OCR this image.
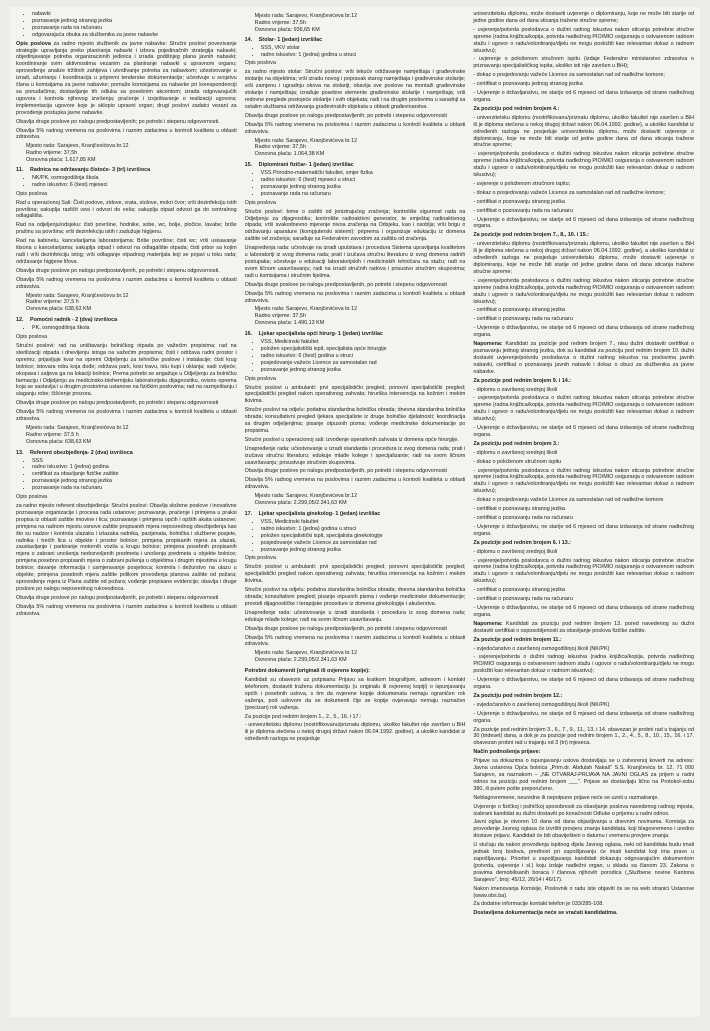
• nabavki
• poznavanje jednog stranog jezika
• poznavanje rada na računaru
• odgovarajuća obuka za službenika za javne nabavke

Opis poslova za radno mjesto službenik za javne nabavke: Stručni poslovi povezivanje strategije upravljanja preko planiranja nabavki i izbora pojedinačnih strategija nabavki; objedinjavanje potreba organizacionih jedinica i izrada godišnjeg plana javnih nabavki; koordiniranje svim aktivnostima vezanim za planiranje nabavki u upravnom organu; sprovođenje analize tržišnih zahtjeva i utvrđivanje potreba za nabavkom; učestvovanje u izradi, ažuriranju i koordinacija u pripremi tenderske dokumentacije; učestvuje u svojstvu člana u komisijama za javne nabavke; pomaže komisijama za nabavke pri korespondenciji sa ponuđačima; dostavljanje tih odluka sa posebnim akcentom; izrada odgovarajućih ugovora i kontrola njihovog izvršenja; praćenje i izvještavanje o realizaciji ugovora; implementacija ugovore koje je sklopio upravni organ; drugi poslovi zadatci vezani za provođenje postupka javne nabavke.

Obavlja druge poslove po nalogu predpostavljenih; po potrebi i stepenu odgovornosti.

Obavlja 5% radnog vremena na poslovima i raznim zadacima u kontroli kvaliteta u oblasti zdravstva.

Mjesto rada: Sarajevo, Kranjčevićeva br.12
Radno vrijeme: 37,5h
Osnovna plaća: 1.617,85 KM
11. Radnica na održavanju čistoće- 3 (tri) izvršioca
• NK/PK, osmogodišnja škola
• radno iskustvo: 6 (šest) mjeseci

Opis poslova

Rad u operacionoj Sali: Čisti podove, zidove, vrata, stolove, mokri čvor; vrši dezinfekciju istih površina; sakuplja različit vesi i odvozi do veša; sakuplja otpad odvozi ga do centralnog odlagališta.

Rad na odjeljenju/odsjeku: čisti površine, hodnike, sobe, wc, bolje, pločice, lavabe; briše prašinu sa površina; vrši dezinfekciju istih i zadužuje higijenu.

Rad na kabinetu, kancelarijama laboratorijama: Briše površine; čisti wc; vrši usisavanje itisona u kancelarijama; sakuplja otpad i odvozi na odlagalište otpada; čisti prbor sa kojim radi i vrši dezinfekciju istog; vrši odlaganje otpadnog materijala koji se pojavi u toku rada; održavanje higijene lifova.

Obavlja druge poslove po nalogu predpostavljenih, po potrebi i stepenu odgovornosti.

Obavlja 5% radnog vremena na poslovima i raznim zadacima u kontroli kvaliteta u oblasti zdravstva.

Mjesto rada: Sarajevo, Kranjčevićeva br.12
Radno vrijeme: 37,5 h
Osnovna plaća: 638,63 KM
12. Pomoćni radnik - 2 (dva) izvršioca
• PK, osmogodišnja škola

Opis poslova

Stručni poslovi: rad na uništavanju bolničkog otpada po važećim propisima; rad na sterilizaciji otpada i dnevljenju istoga na važećim propisima; čisti i održava radni prostor i opremu; prijavljuje kvar na opremi Odjeljenju za tehničke poslove i instalacije; čisti krug bolnice; istovara robu koja dođe; održava park, kosi travu, istu kupi i uklanja; sadi cvijeće, okopava i zaljeva ga na lokaciji bolnice; Prema potrebi se angažuje u Odjeljenju za bolničku farmaciju i Odjeljenju za medicinsko-biohemijsku laboratorijsku dijagnostiku, ovisno oprema koja se sastavlja i u drugim prostorima ustanove na fizičkim poslovima; rad na razmještanju i slaganju robe; čišćenje prozora.

Obavlja druge poslove po nalogu predpostavljenih, po potrebi i stepenu odgovornosti

Obavlja 5% radnog vremena na poslovima i raznim zadacima u kontroli kvaliteta u oblasti zdravstva.

Mjesto rada: Sarajevo, Kranjčevićeva br.12
Radno vrijeme: 37,5 h
Osnovna plaća: 638,63 KM
13. Referent obezbjeđenja- 2 (dva) izvršioca
• SSS
• radno iskustvo: 1 (jedna) godina
• certifikat za obavljanje fizičke zaštite
• poznavanje jednog stranog jezika
• poznavanje rada na računaru

Opis poslova

za radno mjesto referent obezbjeđenja: Stručni poslovi: Obavlja složene poslove i inovativne poznavanje organizacije i procesa rada ustanove; poznavanje, praćenje i primjena u praksi propisa iz oblasti zaštite imovine i lica; poznavanje i primjena općih i opštih akata ustanove; primjena na radnom mjestu osnove zaštite propisanih mjera neposrednog obezbjeđenja kao što su nadzor i kontrola ulazaka i izlazaka radnika, pacijenata, bolnička i službene posjete, radnika i trećih lica u objekte i prostor bolnice; primjena propisanih mjera za ulazak, zaustavljanje i parkiranje motornih vozila u krugu bolnice; primjena posebnih propisanih mjera o zabrani unošenja nedozvoljenih predmeta i unošenja predmeta u objekte bolnice; primjena posebno propisanih mjera o zabrani pušenja u objektima i drugim mjestima u krugu bolnice; davanje informacija i usmjeravanje posjetioca; kontrola i dežurstvo na ulazu u objekte; primjena posebnih mjera zaštite prilikom provođenja planova zaštite od požara; sprovođenje mjera iz Plana zaštite od požara; vođenje propisane evidencije; obavlja i druge poslove po nalogu neposrednog rukovodioca.

Obavlja druge poslove po nalogu predpostavljenih, po potrebi i stepenu odgovornosti

Obavlja 5% radnog vremena na poslovima i raznim zadacima u kontroli kvaliteta u oblasti zdravstva.

Mjesto rada: Sarajevo, Kranjčevićeva br.12
Radno vrijeme: 37,5h
Osnovna plaća: 936,65 KM
14. Stolar- 1 (jedan) izvršilac
• SSS, VKV stolar
• radno iskustvo: 1 (jedna) godina u struci

Opis poslova

za radno mjesto stolar: Stručni poslovi: vrši tekuće održavanje namještaja i građevinske stolarije na objektima; vrši izradu novog i popravak starog namještaja i građevinske stolarije; vrši zamjenu i ugradnju okova na stolariji; obavlja sve poslove na montaži građevinske stolarije i namještaja; izrađuje posebne elemente građevinske stolarije i namještaja; vrši redovne preglede postojeće stolarije i svih objekata; radi i na drugim poslovima u saradnji sa ostalim službama održavanja građevinskih objekata u oblasti građevinarstva.

Obavlja druge poslove po nalogu predpostavljenih; po potrebi i stepenu odgovornosti

Obavlja 5% radnog vremena na poslovima i raznim zadacima u kontroli kvaliteta u oblasti zdravstva.

Mjesto rada: Sarajevo, Kranjčevićeva br.12
Radno vrijeme: 37,5h
Osnovna plaća: 1.064,38 KM
15. Diplomirani fizičar- 1 (jedan) izvršilac
• VSS Prirodno-matematički fakultet, smjer fizika
• radno iskustvo: 6 (šest) mjeseci u struci
• poznavanje jednog stranog jezika
• poznavanje rada na računaru

Opis poslova

Stručni poslovi: brine o zaštiti od jonizirajućeg zračenja; kontroliše sigurnost rada na Odjeljenju za dijagnostiku; kontroliše radioaktivni generator, te smještaj radioaktivnog otpada; vrši svakodnevno mjerenje nivoa zračenja na Odsjeku, kao i osoblja; vrši brigu o održavanju aparature (kompjuterski sistemi): priprema i organizuje edukaciju iz domena zaštite od zračenja; sarađuje sa Federalnim zavodom za zaštitu od zračenja.

Unapređenja rada: učestvuje na izradi uputstava i procedura Sistema upravljanja kvalitetom u laboratoriji iz svog domena rada; prati i izučava stručnu literaturu iz svog domena radnih postupaka; učestvuje u edukaciji laboratorijskih i medicinskih tehničara na stažu; radi na svom ličnom usavršavanju; radi na izradi stručnih radova i prisustvo stručnim skupovima; radi u komisijama i stručnim tijelima.

Obavlja druge poslove po nalogu predpostavljenih, po potrebi i stepenu odgovornosti

Obavlja 5% radnog vremena na poslovima i raznim zadacima u kontroli kvaliteta u oblasti zdravstva.

Mjesto rada: Sarajevo, Kranjčevićeva br.12
Radno vrijeme: 37,5h
Osnovna plaća: 1.490,13 KM
16. Ljekar specijalista opći hirurg- 1 (jedan) izvršilac
• VSS, Medicinski fakultet
• položen specijalistički ispit, specijalista opće hirurgije
• radno iskustvo: 6 (šest) godina u struci
• posjedovanje važeće Licence za samostalan rad
• poznavanje jednog stranog jezika

Opis poslova

Stručni poslovi u ambulanti: prvi specijalistički pregled; ponovni specijalistički pregled; specijalistički pregled nakon operativnog zahvata; hirurška intervencija na kožnim i mekim tkivima.

Stručni poslovi na odjelu: podatna standardna bolnička obrada; dnevna standardna bolnička obrada; konsultativni pregled ljekara specijaliste iz druge bolničke djelatnosti; koordinacija sa drugim odjeljenjima; pisanje otpusnih pisma; vođenje medicinske dokumentacije po propisima.

Stručni poslovi u operacionoj sali: izvođenje operativnih zahvata iz domena opće hirurgije.

Unapređenje rada: učestvovanje u izradi standarda i procedura iz svog domena rada; prati i izučava stručnu literaturu; edukuje mlađe kolege i specijalizante; radi na svom ličnom usavršavanju; prisustvuje stručnim skupovima.

Obavlja druge poslove po nalogu predpostavljenih, po potrebi i stepenu odgovornosti

Obavlja 5% radnog vremena na poslovima i raznim zadacima u kontroli kvaliteta u oblasti zdravstva.

Mjesto rada: Sarajevo, Kranjčevićeva br.12
Osnovna plaća: 2.299,05/2.341,63 KM
17. Ljekar specijalista ginekolog- 1 (jedan) izvršilac
• VSS, Medicinski fakultet
• radno iskustvo: 1 (jedna) godina u struci
• položen specijalistički ispit, specijalista ginekologije
• posjedovanje važeće Licence za samostalan rad
• poznavanje jednog stranog jezika

Opis poslova

Stručni poslovi u ambulanti: prvi specijalistički pregled; ponovni specijalistički pregled; specijalistički pregled nakon operativnog zahvata; hirurška intervencija na kožnim i mekim tkivima.

Stručni poslovi na odjelu: podatna standardna bolnička obrada; dnevna standardna bolnička obrada; konsultativni pregled; pisanje otpusnih pisma i vođenje medicinske dokumentacije; provodi dijagnostičke i terapijske procedure iz domena ginekologije i akušerstva.

Unapređenje rada: učestvovanje u izradi standarda i procedura iz svog domena rada; edukuje mlađe kolege; radi na svom ličnom usavršavanju.

Obavlja druge poslove po nalogu predpostavljenih, po potrebi i stepenu odgovornosti

Obavlja 5% radnog vremena na poslovima i raznim zadacima u kontroli kvaliteta u oblasti zdravstva.

Mjesto rada: Sarajevo, Kranjčevićeva br.12
Osnovna plaća: 2.299,05/2.341,63 KM

Potrebni dokumenti (originali ili ovjerene kopije):

Kandidati su obavezni uz potpisanu Prijavu sa kratkom biografijom, adresom i kontakt telefonom, dostaviti traženu dokumentaciju (u originalu ili ovjerenoj kopiji) o ispunjavanju općih i posebnih uslova, s tim da ovjerene kopije dokumenata nemaju ograničen rok važenja, pod uslovom da se dokumenti čije se kopije ovjeravaju nemaju naznačen (precizan) rok važenja.

Za pozicije pod rednim brojem 1., 2., 5., 16. i 17.:

- univerzitetsku diplomu (nostrifikovanu/priznatu diplomu, ukoliko fakultet nije završen u BiH ili je diploma stečena u nekoj drugoj državi nakon 06.04.1992. godine), a ukoliko kandidat iz određenih razloga ne posjeduje

univerzitetsku diplomu, može dostaviti uvjerenje o diplomiranju, koje ne može biti starije od jedne godine dana od dana sticanja tražene stručne spreme;

- uvjerenje/potvrda poslodavca o dužini radnog iskustva nakon sticanja potrebne stručne spreme (radna knjižica/kopija, potvrda nadležnog PIO/MIO osiguranja o ostvarenom radnom stažu i ugovor o radu/volontiranju/djelu ne mogu posložiti kao relevantan dokaz o radnom iskustvu);

- uvjerenje o položenom stručnom ispitu (izdaje Federalno ministarstvo zdravstva o priznavanju specijalističkog ispita, ukoliko isti nije završen u BiH);

- dokaz o posjedovanju važeće Licence za samostalan rad od nadležne komore;

- certifikat o poznavanju jednog stranog jezika

- Uvjerenje o državljanstvu, ne starije od 6 mjeseci od dana izdavanja od strane nadležnog organa.

Za poziciju pod rednim brojem 4.:

- univerzitetsku diplomu (nostrifikovanu/priznatu diplomu, ukoliko fakultet nije završen u BiH ili je diploma stečena u nekoj drugoj državi nakon 06.04.1992. godine), a ukoliko kandidat iz određenih razloga ne posjeduje univerzitetsku diplomu, može dostaviti uvjerenje o diplomiranju, koje ne može biti starije od jedne godine dana od dana sticanja tražene stručne spreme;

- uvjerenje/potvrda poslodavca o dužini radnog iskustva nakon sticanja potrebne stručne spreme (radna knjižica/kopija, potvrda nadležnog PIO/MIO osiguranja o ostvarenom radnom stažu i ugovor o radu/volontiranju/djelu ne mogu posložiti kao relevantan dokaz o radnom iskustvu);

- uvjerenje o položenom stručnom ispitu;

- dokaz o posjedovanju važeće Licence za samostalan rad od nadležne komore;

- certifikat o poznavanju stranog jezika

- certifikat o poznavanju rada na računaru

- Uvjerenje o državljanstvu, ne starije od 6 mjeseci od dana izdavanja od strane nadležnog organa.

Za pozicije pod rednim brojem 7., 8., 10. i 15.:

- univerzitetsku diplomu (nostrifikovanu/priznatu diplomu, ukoliko fakultet nije završen u BiH ili je diploma stečena u nekoj drugoj državi nakon 06.04.1992. godine), a ukoliko kandidat iz određenih razloga ne posjeduje univerzitetsku diplomu, može dostaviti uvjerenje o diplomiranju, koje ne može biti starije od jedne godine dana od dana sticanja tražene stručne spreme;

- uvjerenje/potvrda poslodavca o dužini radnog iskustva nakon sticanja potrebne stručne spreme (radna knjižica/kopija, potvrda nadležnog PIO/MIO osiguranja o ostvarenom radnom stažu i ugovor o radu/volontiranju/djelu ne mogu posložiti kao relevantan dokaz o radnom iskustvu);

- certifikat o poznavanju stranog jezika

- certifikat o poznavanju rada na računaru

- Uvjerenje o državljanstvu, ne starije od 6 mjeseci od dana izdavanja od strane nadležnog organa.

Napomena: Kandidati za pozicije pod rednim brojem 7., nisu dužni dostaviti certifikat o poznavanju jednog stranog jezika, dok su kandidati za poziciju pod rednim brojem 10. dužni dostaviti uvjerenje/potvrdu poslodavca o dužini radnog iskustva na poslovima javnih nabavki, certifikat o poznavanju javnih nabavki i dokaz o obuci za službenika za javne nabavke.

Za pozicije pod rednim brojem 9. i 14.:

- diplomu o završenoj srednjoj školi

- uvjerenje/potvrda poslodavca o dužini radnog iskustva nakon sticanja potrebne stručne spreme (radna knjižica/kopija, potvrda nadležnog PIO/MIO osiguranja o ostvarenom radnom stažu i ugovor o radu/volontiranju/djelu ne mogu posložiti kao relevantan dokaz o radnom iskustvu);

- Uvjerenje o državljanstvu, ne starije od 6 mjeseci od dana izdavanja od strane nadležnog organa.

Za poziciju pod rednim brojem 3.:

- diplomu o završenoj srednjoj školi

- dokaz o položenom stručnom ispitu

- uvjerenje/potvrda poslodavca o dužini radnog iskustva nakon sticanja potrebne stručne spreme (radna knjižica/kopija, potvrda nadležnog PIO/MIO osiguranja o ostvarenom radnom stažu i ugovor o radu/volontiranju/djelu ne mogu posložiti kao relevantan dokaz o radnom iskustvu);

- dokaz o posjedovanju važeće Licence za samostalan rad od nadležne komore

- certifikat o poznavanju stranog jezika

- certifikat o poznavanju rada na računaru

- Uvjerenje o državljanstvu, ne starije od 6 mjeseci od dana izdavanja od strane nadležnog organa.

Za pozicije pod rednim brojem 6. i 13.:

- diplomu o završenoj srednjoj školi

- uvjerenje/potvrda poslodavca o dužini radnog iskustva nakon sticanja potrebne stručne spreme (radna knjižica/kopija, potvrda nadležnog PIO/MIO osiguranja o ostvarenom radnom stažu i ugovor o radu/volontiranju/djelu ne mogu posložiti kao relevantan dokaz o radnom iskustvu);

- certifikat o poznavanju stranog jezika

- certifikat o poznavanju rada na računaru

- Uvjerenje o državljanstvu, ne starije od 6 mjeseci od dana izdavanja od strane nadležnog organa.

Napomena: Kandidati za poziciju pod rednim brojem 13. pored navedenog su dužni dostaviti certifikat o osposobljenosti za obavljanje poslova fizičke zaštite.

Za pozicije pod rednim brojem 11.:

- svjedočanstvo o završenoj osmogodišnjoj školi (NK/PK)

- uvjerenje/potvrda o dužini radnog iskustva (radna knjižica/kopija, potvrda nadležnog PIO/MIO osiguranja o ostvarenom radnom stažu i ugovor o radu/volontiranju/djelu ne mogu posložiti kao relevantan dokaz o radnom iskustvu);

- Uvjerenje o državljanstvu, ne starije od 6 mjeseci od dana izdavanja od strane nadležnog organa.

Za poziciju pod rednim brojem 12.:

- svjedočanstvo o završenoj osmogodišnjoj školi (NK/PK)

- Uvjerenje o državljanstvu, ne starije od 6 mjeseci od dana izdavanja od strane nadležnog organa.

Za pozicije pod rednim brojem 3., 6., 7., 9., 11., 13. i 14. obavezan je probni rad u trajanju od 30 (trideset) dana, a dok je za pozicije pod rednim brojem 1., 2., 4., 5., 8., 10., 15., 16. i 17. obavezan probni rad u trajanju od 3 (tri) mjeseca.

Način podnošenja prijave:

Prijave sa dokazima o ispunjavanju uslova dostavljaju se u zatvorenoj koverti na adresu: Javna ustanova Opća bolnica „Prim.dr. Abdulah Nakaš" S.S. Kranjčevića br. 12, 71 000 Sarajevo, sa naznakom – „NE OTVARAJ-PRIJAVA NA JAVNI OGLAS za prijem u radni odnos na poziciju pod rednim brojem ___". Prijave se dostavljaju lično na Protokol-sobu 380, ili putem pošte preporučeno.

Neblagovremene, neuredne ili nepotpune prijave neće se uzeti u razmatranje.

Uvjerenje o fizičkoj i psihičkoj sposobnosti za obavljanje poslova navedenog radnog mjesta, izabrani kandidat su dužni dostaviti po konačnosti Odluke o prijemu u radni odnos.

Javni oglas je otvoren 10 dana od dana objavljivanja u dnevnim novinama. Komisija za provođenje Javnog oglasa će izvršiti provjeru znanja kandidata, koji blagovremeno i uredno dostave prijavu. Kandidati će biti obaviješteni o datumu i vremenu provjere znanja.

U slučaju da nakon provođenja ispitnog dijela Javnog oglasa, neki od kandidata budu imali jednak broj bodova, prednost pri zapošljavanju će imati kandidat koji ima pravo u zapošljavanju. Prioritet u zapošljavanju kandidati dokazuju odgovarajućim dokumentom (potvrda, uvjerenje i sl.) koju izdaje nadležni organ, u skladu sa članom 23. Zakona o pravima demobilisanih boraca i članova njihovih porodica („Službene novine Kantona Sarajevo", broj: 45/12, 26/14 i 46/17).

Nakon imenovanja Komisije, Poslovnik o radu iste objaviti će se na web stranici Ustanove (www.obs.ba).

Za dodatne informacije kontakt telefon je 033/285-108.

Dostavljena dokumentacija neće se vraćati kandidatima.
